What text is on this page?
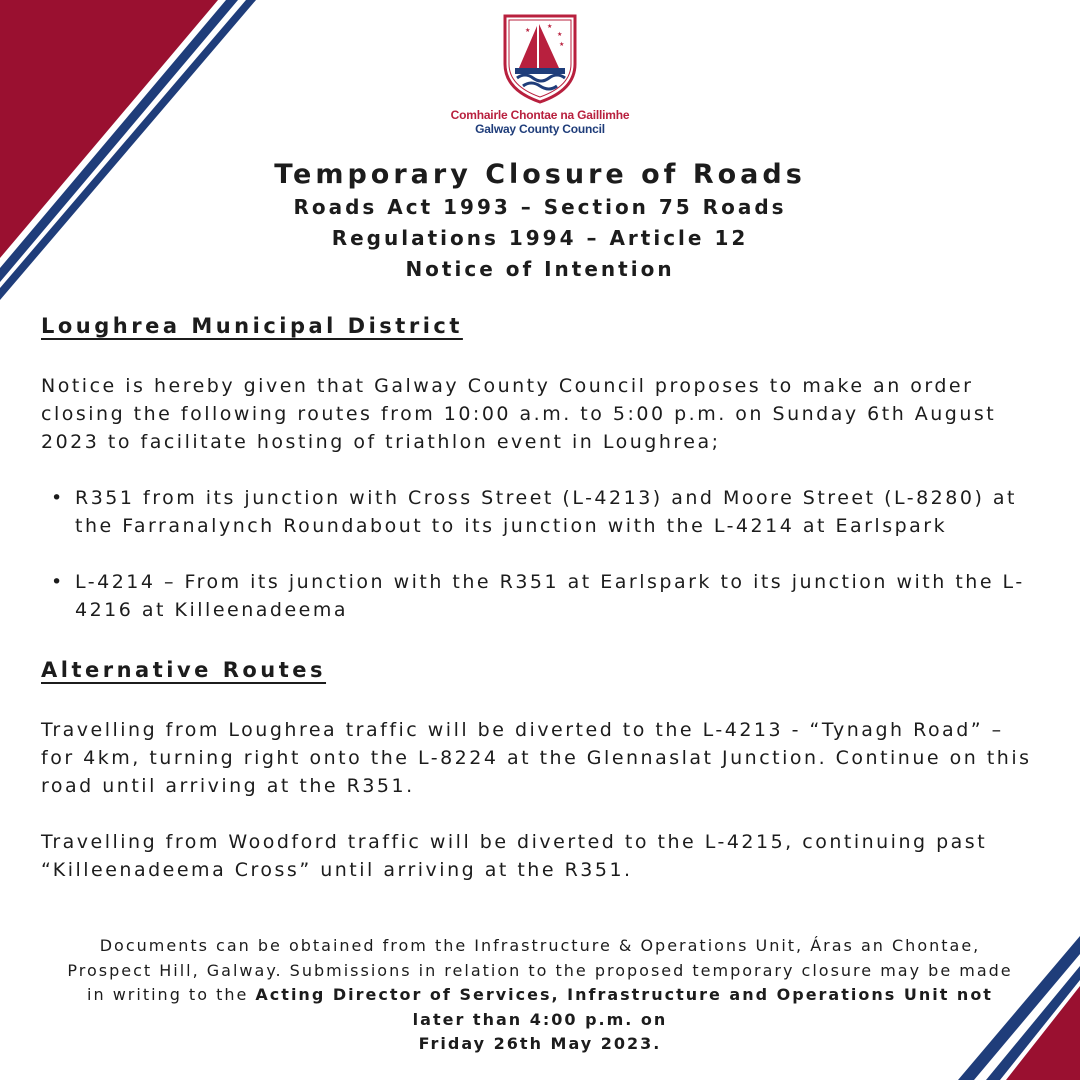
★
★
★
★
Comhairle Chontae na Gaillimhe
Galway County Council

Temporary Closure of Roads

Roads Act 1993 – Section 75 Roads

Regulations 1994 – Article 12

Notice of Intention

Loughrea Municipal District

Notice is hereby given that Galway County Council proposes to make an order closing the following routes from 10:00 a.m. to 5:00 p.m. on Sunday 6th August 2023 to facilitate hosting of triathlon event in Loughrea;

• R351 from its junction with Cross Street (L-4213) and Moore Street (L-8280) at the Farranalynch Roundabout to its junction with the L-4214 at Earlspark
• L-4214 – From its junction with the R351 at Earlspark to its junction with the L-4216 at Killeenadeema

Alternative Routes

Travelling from Loughrea traffic will be diverted to the L-4213 - “Tynagh Road” – for 4km, turning right onto the L-8224 at the Glennaslat Junction. Continue on this road until arriving at the R351.

Travelling from Woodford traffic will be diverted to the L-4215, continuing past “Killeenadeema Cross” until arriving at the R351.

Documents can be obtained from the Infrastructure & Operations Unit, Áras an Chontae, Prospect Hill, Galway. Submissions in relation to the proposed temporary closure may be made in writing to the Acting Director of Services, Infrastructure and Operations Unit not later than 4:00 p.m. on
Friday 26th May 2023.
